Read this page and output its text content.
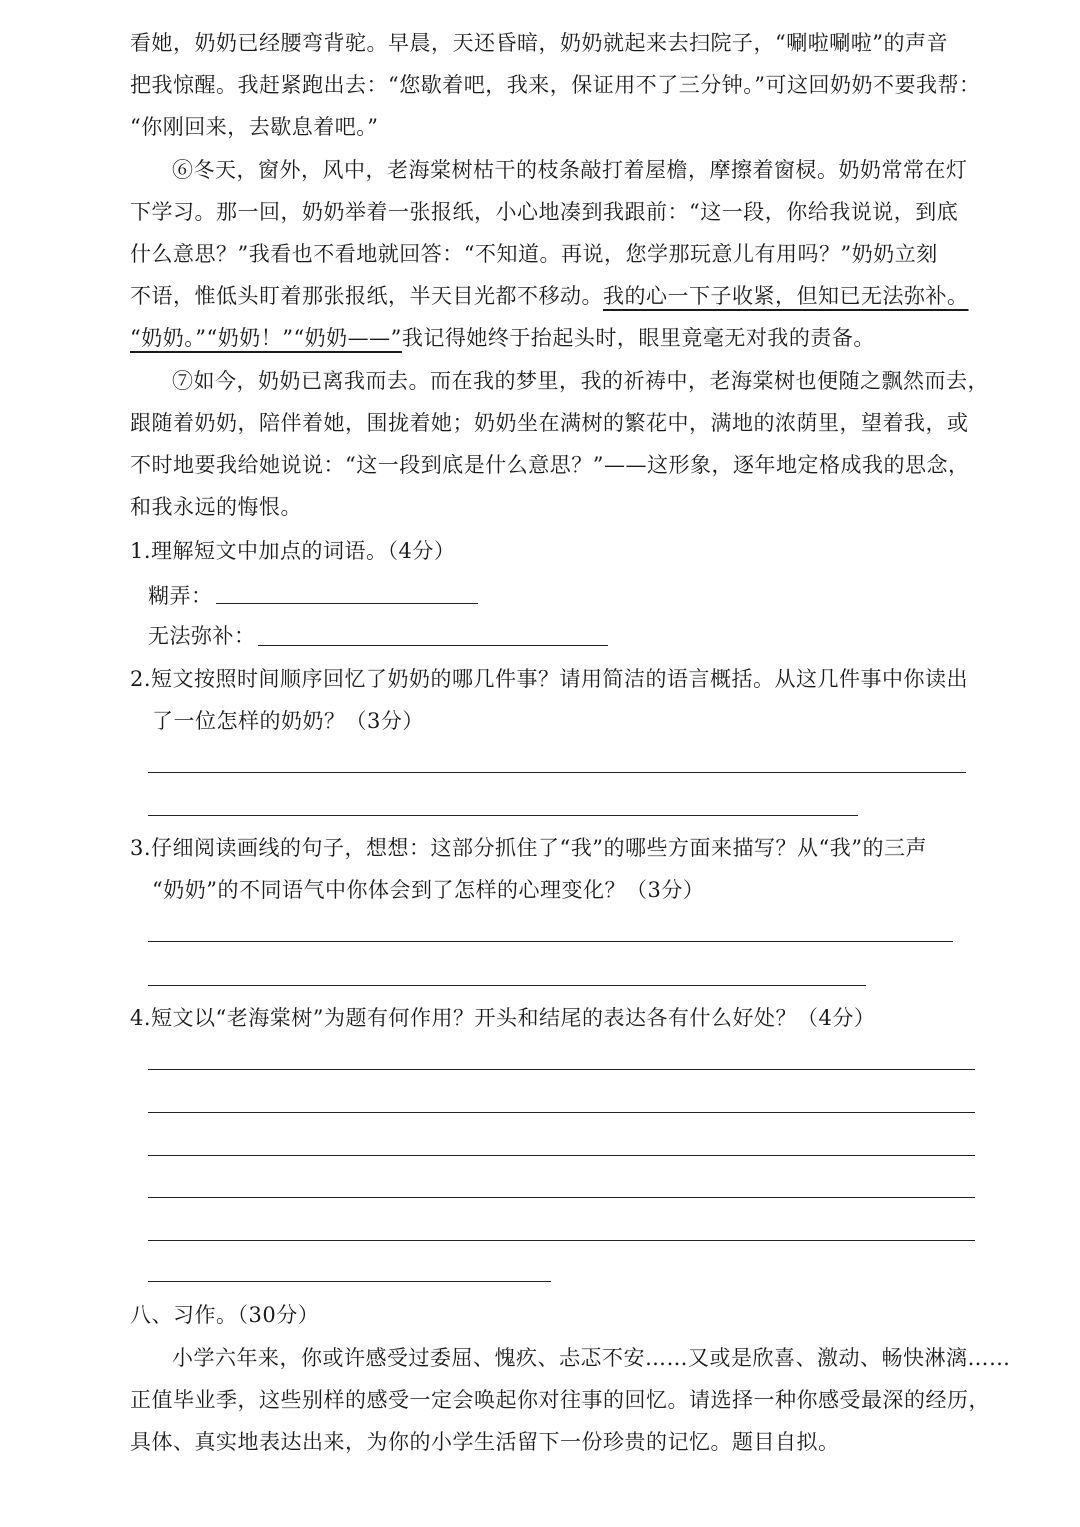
看她，奶奶已经腰弯背驼。早晨，天还昏暗，奶奶就起来去扫院子，“唰啦唰啦”的声音
把我惊醒。我赶紧跑出去：“您歇着吧，我来，保证用不了三分钟。”可这回奶奶不要我帮：
“你刚回来，去歇息着吧。”
⑥冬天，窗外，风中，老海棠树枯干的枝条敲打着屋檐，摩擦着窗棂。奶奶常常在灯
下学习。那一回，奶奶举着一张报纸，小心地凑到我跟前：“这一段，你给我说说，到底
什么意思？”我看也不看地就回答：“不知道。再说，您学那玩意儿有用吗？”奶奶立刻
不语，惟低头盯着那张报纸，半天目光都不移动。我的心一下子收紧，但知已无法弥补。
“奶奶。”“奶奶！”“奶奶——”我记得她终于抬起头时，眼里竟毫无对我的责备。
⑦如今，奶奶已离我而去。而在我的梦里，我的祈祷中，老海棠树也便随之飘然而去，
跟随着奶奶，陪伴着她，围拢着她；奶奶坐在满树的繁花中，满地的浓荫里，望着我，或
不时地要我给她说说：“这一段到底是什么意思？”——这形象，逐年地定格成我的思念，
和我永远的悔恨。
1.理解短文中加点的词语。（4分）
糊弄：
无法弥补：
2.短文按照时间顺序回忆了奶奶的哪几件事？请用简洁的语言概括。从这几件事中你读出
了一位怎样的奶奶？（3分）
3.仔细阅读画线的句子，想想：这部分抓住了“我”的哪些方面来描写？从“我”的三声
“奶奶”的不同语气中你体会到了怎样的心理变化？（3分）
4.短文以“老海棠树”为题有何作用？开头和结尾的表达各有什么好处？（4分）
八、习作。（30分）
小学六年来，你或许感受过委屈、愧疚、忐忑不安……又或是欣喜、激动、畅快淋漓……
正值毕业季，这些别样的感受一定会唤起你对往事的回忆。请选择一种你感受最深的经历，
具体、真实地表达出来，为你的小学生活留下一份珍贵的记忆。题目自拟。
